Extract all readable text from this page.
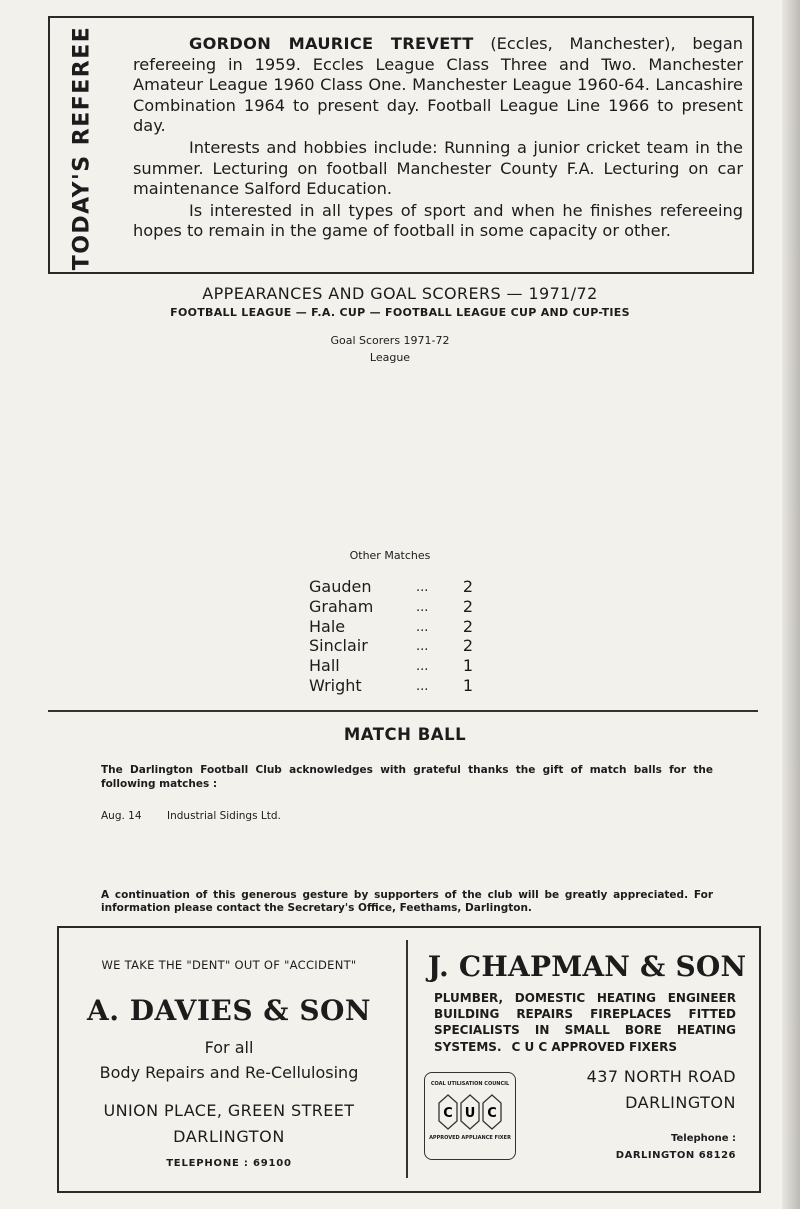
TODAY'S REFEREE	GORDON MAURICE TREVETT (Eccles, Manchester), began refereeing in 1959. Eccles League Class Three and Two. Manchester Amateur League 1960 Class One. Manchester League 1960-64. Lancashire Combination 1964 to present day. Football League Line 1966 to present day.

Interests and hobbies include: Running a junior cricket team in the summer. Lecturing on football Manchester County F.A. Lecturing on car maintenance Salford Education.

Is interested in all types of sport and when he finishes refereeing hopes to remain in the game of football in some capacity or other.

APPEARANCES AND GOAL SCORERS — 1971/72
FOOTBALL LEAGUE — F.A. CUP — FOOTBALL LEAGUE CUP AND CUP-TIES
Goal Scorers 1971-72
League
Other Matches
Gauden	... 2
Graham	... 2
Hale	... 2
Sinclair	... 2
Hall	... 1
Wright	... 1
MATCH BALL
The Darlington Football Club acknowledges with grateful thanks the gift of match balls for the following matches :
Aug. 14 Industrial Sidings Ltd.
A continuation of this generous gesture by supporters of the club will be greatly appreciated. For information please contact the Secretary's Office, Feethams, Darlington.
WE TAKE THE "DENT" OUT OF "ACCIDENT"
A. DAVIES & SON
For all
Body Repairs and Re-Cellulosing
UNION PLACE, GREEN STREET
DARLINGTON
TELEPHONE : 69100
J. CHAPMAN & SON
PLUMBER, DOMESTIC HEATING ENGINEER
BUILDING REPAIRS FIREPLACES FITTED
SPECIALISTS IN SMALL BORE HEATING
SYSTEMS. C U C APPROVED FIXERS
COAL UTILISATION COUNCIL
C U C
APPROVED APPLIANCE FIXER
437 NORTH ROAD
DARLINGTON
Telephone :
DARLINGTON 68126
